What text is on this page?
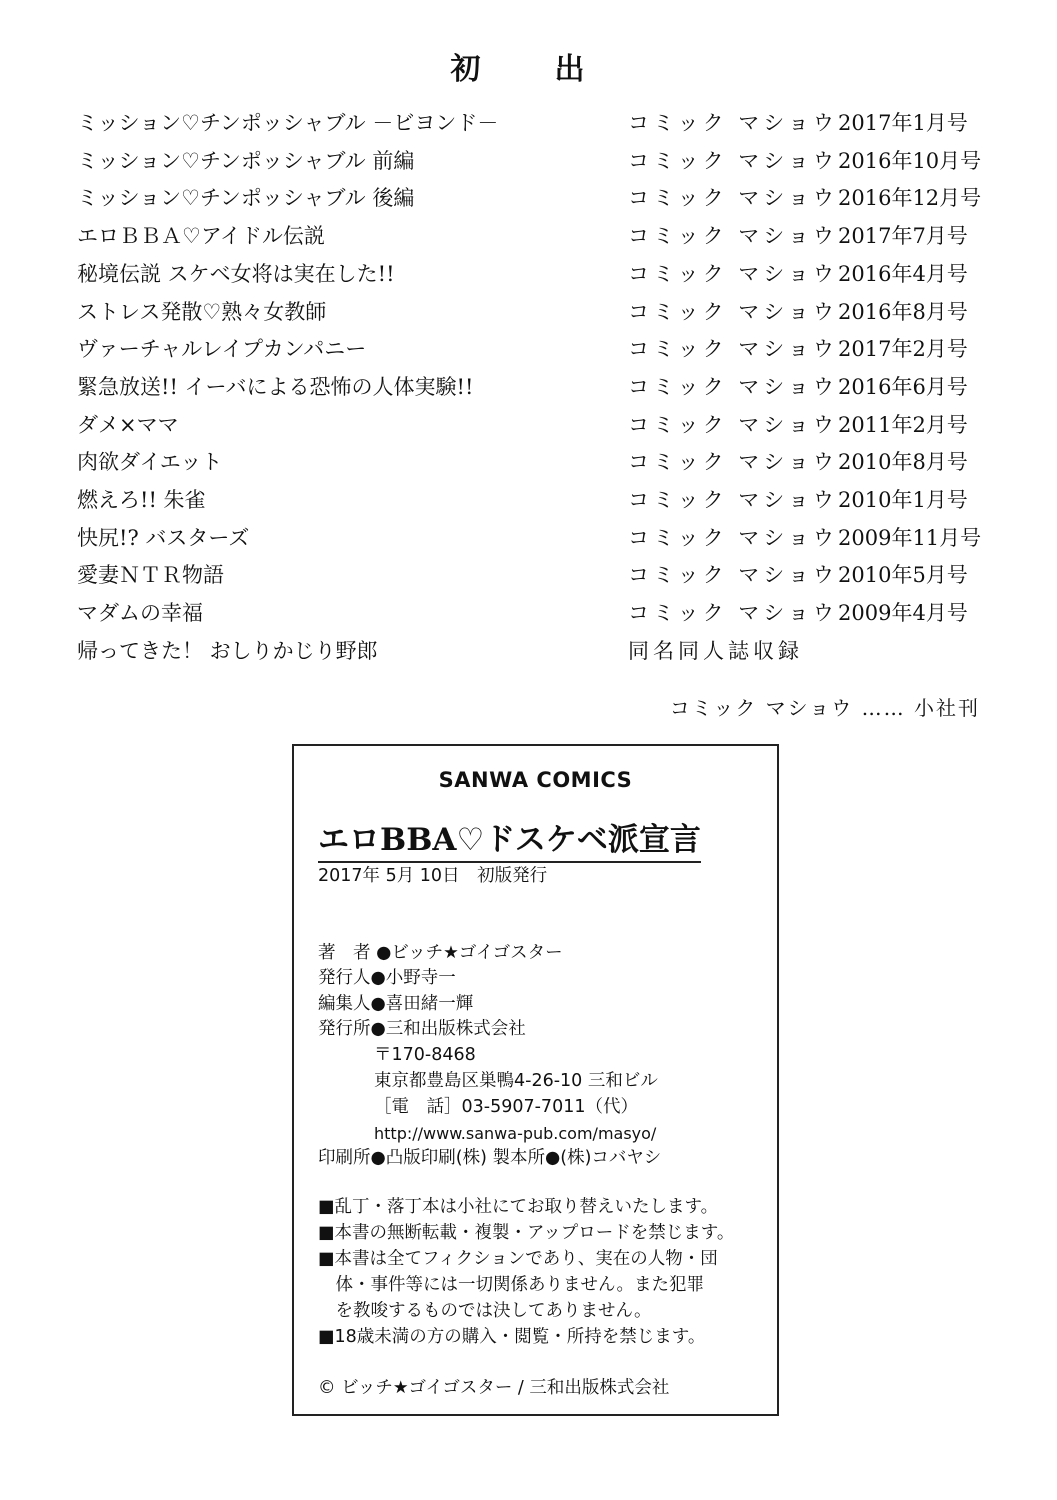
初　出
ミッション♡チンポッシャブル －ビヨンド－	コミック マショウ 2017年1月号
ミッション♡チンポッシャブル 前編	コミック マショウ 2016年10月号
ミッション♡チンポッシャブル 後編	コミック マショウ 2016年12月号
エロＢＢＡ♡アイドル伝説	コミック マショウ 2017年7月号
秘境伝説 スケベ女将は実在した!!	コミック マショウ 2016年4月号
ストレス発散♡熟々女教師	コミック マショウ 2016年8月号
ヴァーチャルレイプカンパニー	コミック マショウ 2017年2月号
緊急放送!! イーバによる恐怖の人体実験!!	コミック マショウ 2016年6月号
ダメ×ママ	コミック マショウ 2011年2月号
肉欲ダイエット	コミック マショウ 2010年8月号
燃えろ!! 朱雀	コミック マショウ 2010年1月号
快尻!? バスターズ	コミック マショウ 2009年11月号
愛妻ＮＴＲ物語	コミック マショウ 2010年5月号
マダムの幸福	コミック マショウ 2009年4月号
帰ってきた！ おしりかじり野郎	同名同人誌収録
コミック マショウ …… 小社刊
SANWA COMICS
エロBBA♡ドスケベ派宣言
2017年 5月 10日　初版発行
著　者 ●ビッチ★ゴイゴスター
発行人●小野寺一
編集人●喜田緒一輝
発行所●三和出版株式会社
〒170-8468
東京都豊島区巣鴨4-26-10 三和ビル
［電　話］03-5907-7011（代）
http://www.sanwa-pub.com/masyo/
印刷所●凸版印刷(株) 製本所●(株)コバヤシ
■乱丁・落丁本は小社にてお取り替えいたします。
■本書の無断転載・複製・アップロードを禁じます。
■本書は全てフィクションであり、実在の人物・団
　体・事件等には一切関係ありません。また犯罪
　を教唆するものでは決してありません。
■18歳未満の方の購入・閲覧・所持を禁じます。
© ビッチ★ゴイゴスター / 三和出版株式会社
